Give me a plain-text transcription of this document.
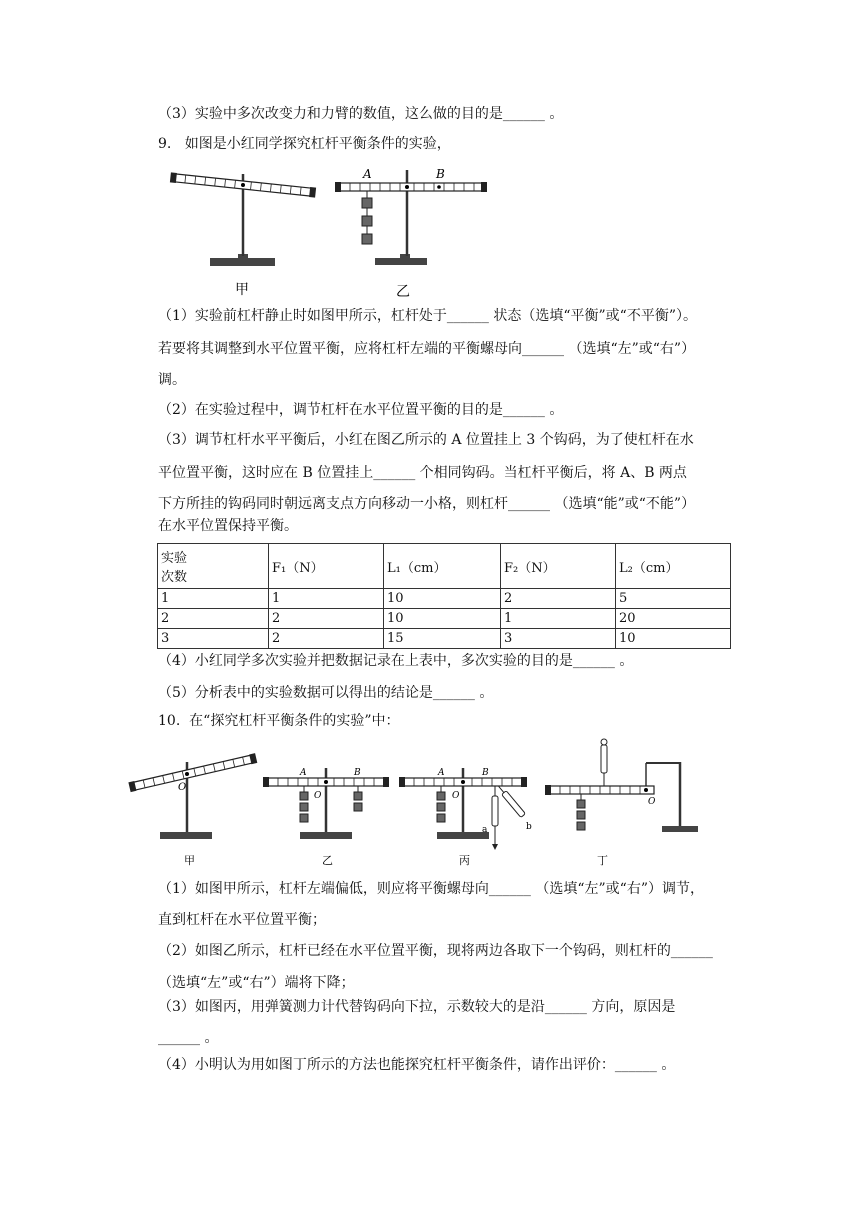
（3）实验中多次改变力和力臂的数值，这么做的目的是______ 。
9.   如图是小红同学探究杠杆平衡条件的实验，
甲
A	B
乙
（1）实验前杠杆静止时如图甲所示，杠杆处于______ 状态（选填“平衡”或“不平衡”）。
若要将其调整到水平位置平衡，应将杠杆左端的平衡螺母向______ （选填“左”或“右”）
调。
（2）在实验过程中，调节杠杆在水平位置平衡的目的是______ 。
（3）调节杠杆水平平衡后，小红在图乙所示的 A 位置挂上 3 个钩码，为了使杠杆在水
平位置平衡，这时应在 B 位置挂上______ 个相同钩码。当杠杆平衡后，将 A、B 两点
下方所挂的钩码同时朝远离支点方向移动一小格，则杠杆______ （选填“能”或“不能”）
在水平位置保持平衡。
实验
次数	F₁（N）	L₁（cm）	F₂（N）	L₂（cm）
1	1	10	2	5
2	2	10	1	20
3	2	15	3	10
（4）小红同学多次实验并把数据记录在上表中，多次实验的目的是______ 。
（5）分析表中的实验数据可以得出的结论是______ 。
10.  在“探究杠杆平衡条件的实验”中：
O
甲
A	B
O
乙
A	B
O
a	b
丙
O
丁
（1）如图甲所示，杠杆左端偏低，则应将平衡螺母向______ （选填“左”或“右”）调节，
直到杠杆在水平位置平衡；
（2）如图乙所示，杠杆已经在水平位置平衡，现将两边各取下一个钩码，则杠杆的______
（选填“左”或“右”）端将下降；
（3）如图丙，用弹簧测力计代替钩码向下拉，示数较大的是沿______ 方向，原因是
______ 。
（4）小明认为用如图丁所示的方法也能探究杠杆平衡条件，请作出评价：______ 。
